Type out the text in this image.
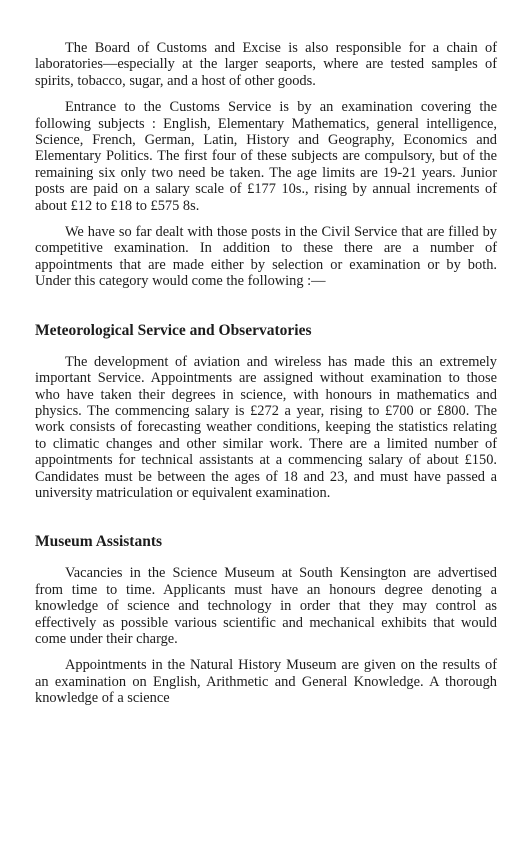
The Board of Customs and Excise is also responsible for a chain of laboratories—especially at the larger seaports, where are tested samples of spirits, tobacco, sugar, and a host of other goods.

Entrance to the Customs Service is by an examination covering the following subjects : English, Elementary Mathematics, general intelligence, Science, French, German, Latin, History and Geography, Economics and Elementary Politics. The first four of these subjects are compulsory, but of the remaining six only two need be taken. The age limits are 19-21 years. Junior posts are paid on a salary scale of £177 10s., rising by annual increments of about £12 to £18 to £575 8s.

We have so far dealt with those posts in the Civil Service that are filled by competitive examination. In addition to these there are a number of appointments that are made either by selection or examination or by both. Under this category would come the following :—

Meteorological Service and Observatories

The development of aviation and wireless has made this an extremely important Service. Appointments are assigned without examination to those who have taken their degrees in science, with honours in mathematics and physics. The commencing salary is £272 a year, rising to £700 or £800. The work consists of forecasting weather conditions, keeping the statistics relating to climatic changes and other similar work. There are a limited number of appointments for technical assistants at a commencing salary of about £150. Candidates must be between the ages of 18 and 23, and must have passed a university matriculation or equivalent examination.

Museum Assistants

Vacancies in the Science Museum at South Kensington are advertised from time to time. Applicants must have an honours degree denoting a knowledge of science and technology in order that they may control as effectively as possible various scientific and mechanical exhibits that would come under their charge.

Appointments in the Natural History Museum are given on the results of an examination on English, Arithmetic and General Knowledge. A thorough knowledge of a science
